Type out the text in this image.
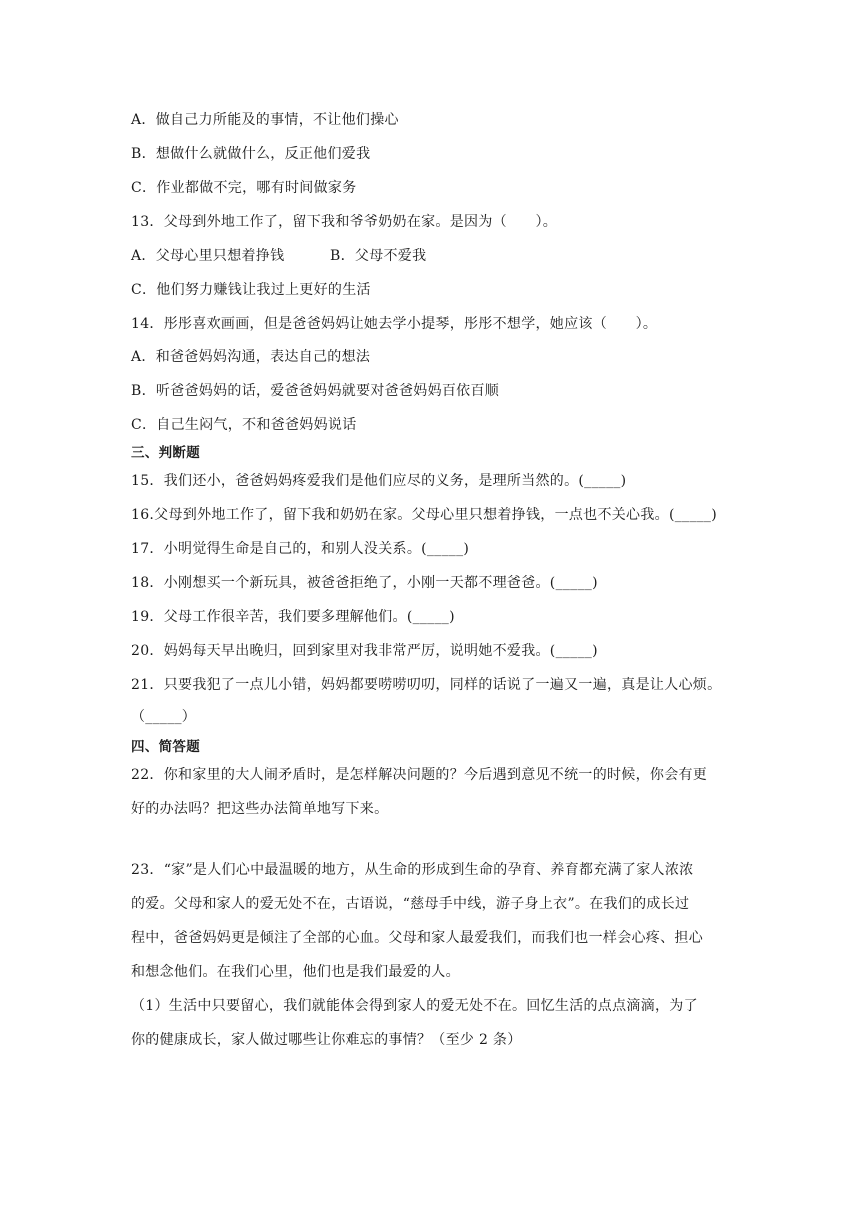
A．做自己力所能及的事情，不让他们操心
B．想做什么就做什么，反正他们爱我
C．作业都做不完，哪有时间做家务
13．父母到外地工作了，留下我和爷爷奶奶在家。是因为（　　）。
A．父母心里只想着挣钱	B．父母不爱我
C．他们努力赚钱让我过上更好的生活
14．彤彤喜欢画画，但是爸爸妈妈让她去学小提琴，彤彤不想学，她应该（　　）。
A．和爸爸妈妈沟通，表达自己的想法
B．听爸爸妈妈的话，爱爸爸妈妈就要对爸爸妈妈百依百顺
C．自己生闷气，不和爸爸妈妈说话
三、判断题
15．我们还小，爸爸妈妈疼爱我们是他们应尽的义务，是理所当然的。(_____)
16.父母到外地工作了，留下我和奶奶在家。父母心里只想着挣钱，一点也不关心我。(_____)
17．小明觉得生命是自己的，和别人没关系。(_____)
18．小刚想买一个新玩具，被爸爸拒绝了，小刚一天都不理爸爸。(_____)
19．父母工作很辛苦，我们要多理解他们。(_____)
20．妈妈每天早出晚归，回到家里对我非常严厉，说明她不爱我。(_____)
21．只要我犯了一点儿小错，妈妈都要唠唠叨叨，同样的话说了一遍又一遍，真是让人心烦。
（_____）
四、简答题
22．你和家里的大人闹矛盾时，是怎样解决问题的？今后遇到意见不统一的时候，你会有更
好的办法吗？把这些办法简单地写下来。
23．“家”是人们心中最温暖的地方，从生命的形成到生命的孕育、养育都充满了家人浓浓
的爱。父母和家人的爱无处不在，古语说，“慈母手中线，游子身上衣”。在我们的成长过
程中，爸爸妈妈更是倾注了全部的心血。父母和家人最爱我们，而我们也一样会心疼、担心
和想念他们。在我们心里，他们也是我们最爱的人。
（1）生活中只要留心，我们就能体会得到家人的爱无处不在。回忆生活的点点滴滴，为了
你的健康成长，家人做过哪些让你难忘的事情？（至少 2 条）
